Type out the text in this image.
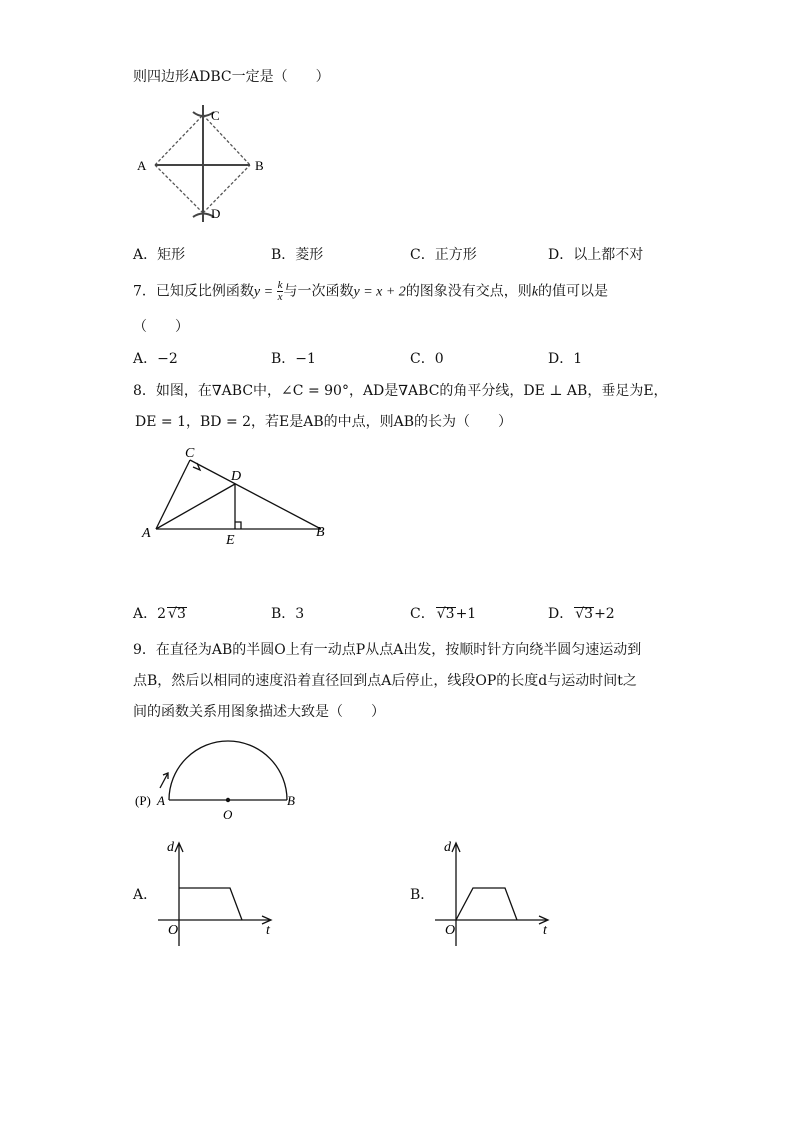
则四边形ADBC一定是（　　）
A	B
C
D
A．矩形	B．菱形	C．正方形	D．以上都不对
7．已知反比例函数$y = \frac{k}{x}$ 与一次函数y = x + 2的图象没有交点，则k的值可以是
（　　）
A．−2	B．−1	C．0	D．1
8．如图，在∇ABC中，∠C = 90°，AD是∇ABC的角平分线，DE ⊥ AB，垂足为E，
DE = 1，BD = 2，若E是AB的中点，则AB的长为（　　）
A	B
C
D
E
A．2 √3	B．3	C． √3+1	D． √3+2
9．在直径为AB的半圆O上有一动点P从点A出发，按顺时针方向绕半圆匀速运动到
点B，然后以相同的速度沿着直径回到点A后停止，线段OP的长度d与运动时间t之
间的函数关系用图象描述大致是（　　）
(P) A	B
O
A．
d
t
O
B．
d
t
O
